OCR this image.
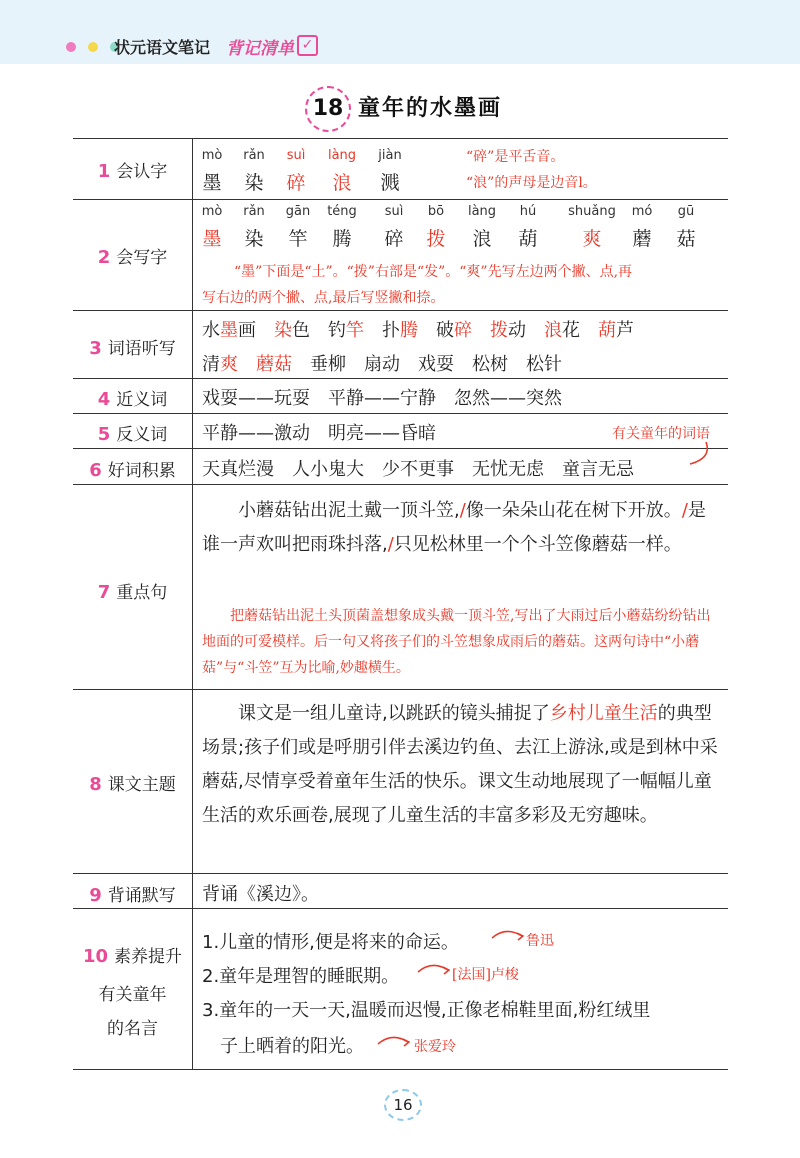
状元语文笔记 背记清单 ✓
18 童年的水墨画
1 会认字
mò	rǎn	suì	làng	jiàn
墨	染	碎	浪	溅
“碎”是平舌音。
“浪”的声母是边音l。
2 会写字
mò	rǎn	gān	téng	suì	bō	làng	hú	shuǎng	mó	gū
墨	染	竿	腾	碎	拨	浪	葫	爽	蘑	菇
“墨”下面是“土”。“拨”右部是“发”。“爽”先写左边两个撇、点,再
写右边的两个撇、点,最后写竖撇和捺。
3 词语听写
水墨画　 染色　 钓竿　 扑腾　 破碎　 拨动　 浪花　 葫芦
清爽　 蘑菇　 垂柳　 扇动　 戏耍　 松树　 松针
4 近义词	戏耍——玩耍　平静——宁静　忽然——突然
5 反义词	平静——激动　明亮——昏暗	有关童年的词语
6 好词积累	天真烂漫　人小鬼大　少不更事　无忧无虑　童言无忌
7 重点句
小蘑菇钻出泥土戴一顶斗笠,/像一朵朵山花在树下开放。/是谁一声欢叫把雨珠抖落,/只见松林里一个个斗笠像蘑菇一样。
把蘑菇钻出泥土头顶菌盖想象成头戴一顶斗笠,写出了大雨过后小蘑菇纷纷钻出地面的可爱模样。后一句又将孩子们的斗笠想象成雨后的蘑菇。这两句诗中“小蘑菇”与“斗笠”互为比喻,妙趣横生。
8 课文主题
课文是一组儿童诗,以跳跃的镜头捕捉了乡村儿童生活的典型场景;孩子们或是呼朋引伴去溪边钓鱼、去江上游泳,或是到林中采蘑菇,尽情享受着童年生活的快乐。课文生动地展现了一幅幅儿童生活的欢乐画卷,展现了儿童生活的丰富多彩及无穷趣味。
9 背诵默写	背诵《溪边》。
10 素养提升
有关童年
的名言
1.儿童的情形,便是将来的命运。	鲁迅
2.童年是理智的睡眠期。	[法国]卢梭
3.童年的一天一天,温暖而迟慢,正像老棉鞋里面,粉红绒里
子上晒着的阳光。	张爱玲
16
